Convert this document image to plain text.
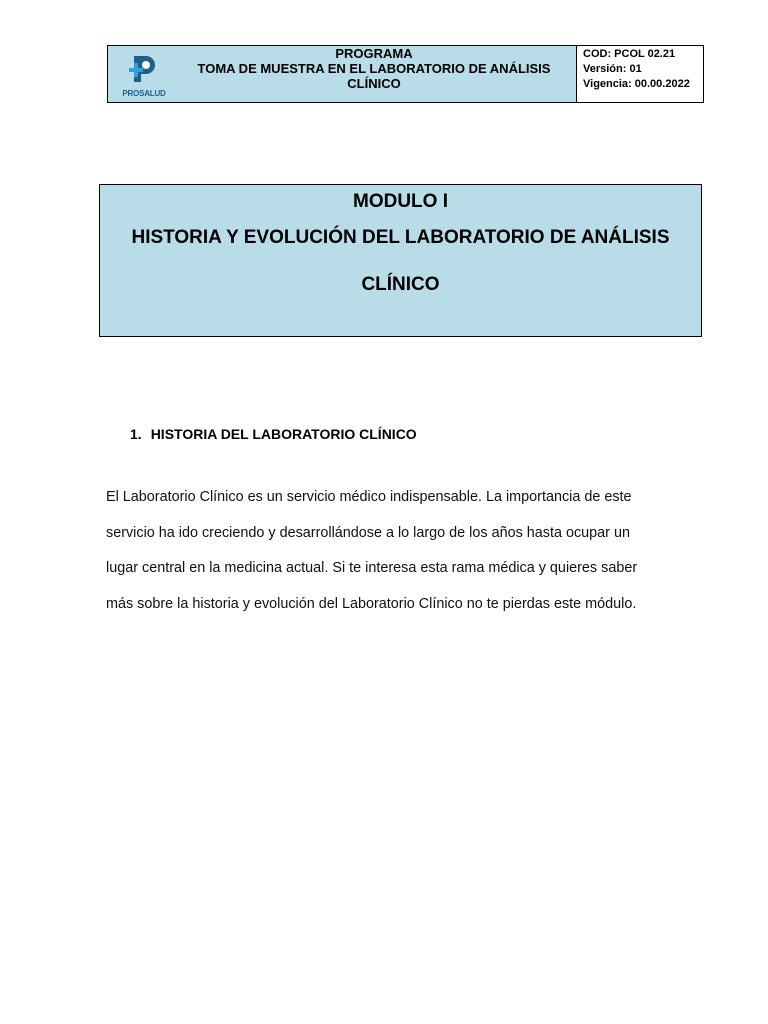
PROSALUD
PROGRAMA
TOMA DE MUESTRA EN EL LABORATORIO DE ANÁLISIS
CLÍNICO
COD: PCOL 02.21
Versión: 01
Vigencia: 00.00.2022
MODULO I
HISTORIA Y EVOLUCIÓN DEL LABORATORIO DE ANÁLISIS
CLÍNICO
1. HISTORIA DEL LABORATORIO CLÍNICO
El Laboratorio Clínico es un servicio médico indispensable. La importancia de este
servicio ha ido creciendo y desarrollándose a lo largo de los años hasta ocupar un
lugar central en la medicina actual. Si te interesa esta rama médica y quieres saber
más sobre la historia y evolución del Laboratorio Clínico no te pierdas este módulo.
